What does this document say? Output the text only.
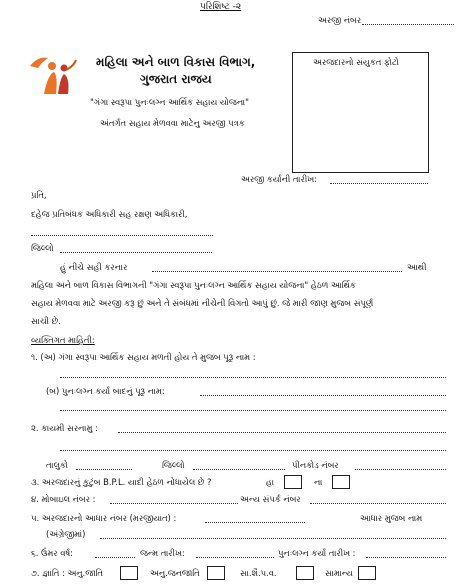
પરિશિષ્ટ -૨
અરજી નંબર
મહિલા અને બાળ વિકાસ વિભાગ,
ગુજરાત રાજય
"ગંગા સ્વરૂપા પુનઃલગ્ન આર્થિક સહાય યોજના"
અંતર્ગત સહાય મેળવવા માટેનુ અરજી પત્રક
અરજદારનો સંયુકત ફોટો
અરજી કર્યાની તારીખ:
પ્રતિ,
દહેજ પ્રતિબંધક અધિકારી સહ રક્ષણ અધિકારી,
જિલ્લો
હું નીચે સહી કરનાર	આથી
મહિલા અને બાળ વિકાસ વિભાગની "ગંગા સ્વરૂપા પુનઃલગ્ન આર્થિક સહાય યોજના" હેઠળ આર્થિક
સહાય મેળવવા માટે અરજી કરૂ છું અને તે સંબંધમાં નીચેની વિગતો આપું છું. જે મારી જાણ મુજબ સંપૂર્ણ
સાચી છે.
વ્યક્તિગત માહિતી:
૧. (અ) ગંગા સ્વરૂપા આર્થિક સહાય મળતી હોય તે મુજબ પૂરૂ નામ :
(બ) પુનઃલગ્ન કર્યા બાદનું પૂરૂ નામ:
૨. કાયમી સરનામુ :
તાલુકો	જિલ્લો	પીનકોડ નંબર
૩. અરજદારનું કુટુંબ B.P.L. યાદી હેઠળ નોંધાયેલ છે ?	હા	ના
૪. મોબાઇલ નંબર :	અન્ય સંપર્ક નંબર
૫. અરજદારનો આધાર નંબર (મરજીયાત) :	આધાર મુજબ નામ
(અંગ્રેજીમાં)
૬. ઉંમર વર્ષ:	જન્મ તારીખ:	પુનઃલગ્ન કર્યા તારીખ :
૭. જ્ઞાતિ : અનુ.જાતિ	અનુ.જનજાતિ	સા.શૈ.પ.વ.	સામાન્ય
